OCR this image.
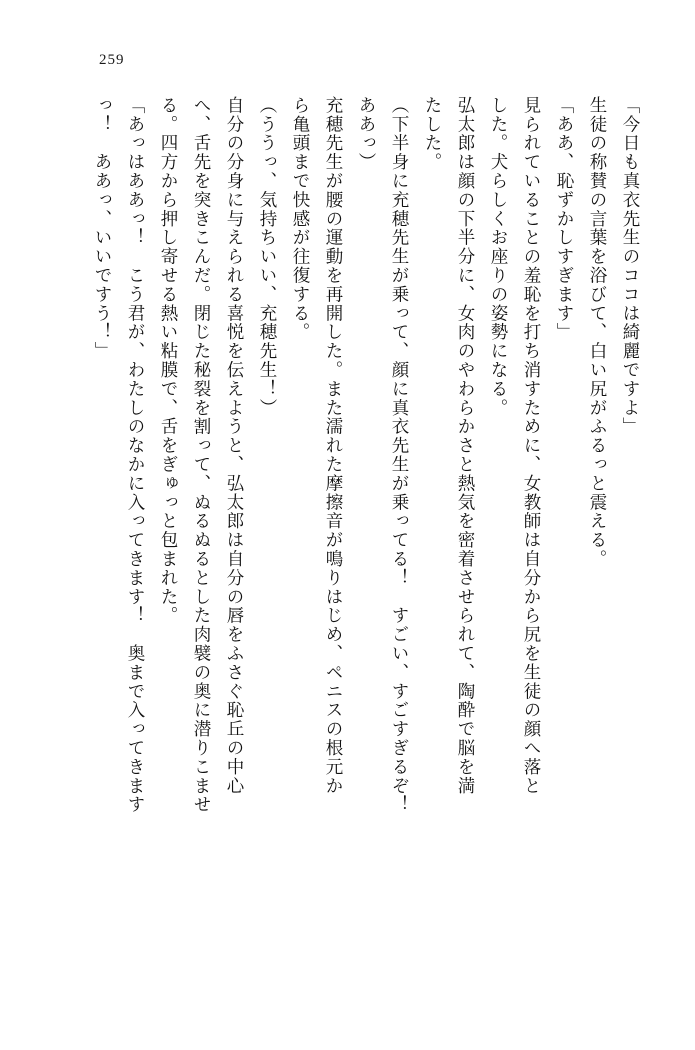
259
「今日も真衣先生のココは綺麗ですよ」
生徒の称賛の言葉を浴びて、白い尻がふるっと震える。
「ああ、恥ずかしすぎます」
見られていることの羞恥を打ち消すために、女教師は自分から尻を生徒の顔へ落と
した。犬らしくお座りの姿勢になる。
弘太郎は顔の下半分に、女肉のやわらかさと熱気を密着させられて、陶酔で脳を満
たした。
（下半身に充穂先生が乗って、顔に真衣先生が乗ってる！　すごい、すごすぎるぞ！
ああっ）
充穂先生が腰の運動を再開した。また濡れた摩擦音が鳴りはじめ、ペニスの根元か
ら亀頭まで快感が往復する。
（ううっ、気持ちいい、充穂先生！）
自分の分身に与えられる喜悦を伝えようと、弘太郎は自分の唇をふさぐ恥丘の中心
へ、舌先を突きこんだ。閉じた秘裂を割って、ぬるぬるとした肉襞の奥に潜りこませ
る。四方から押し寄せる熱い粘膜で、舌をぎゅっと包まれた。
「あっはああっ！　こう君が、わたしのなかに入ってきます！　奥まで入ってきます
っ！　ああっ、いいですう！」
